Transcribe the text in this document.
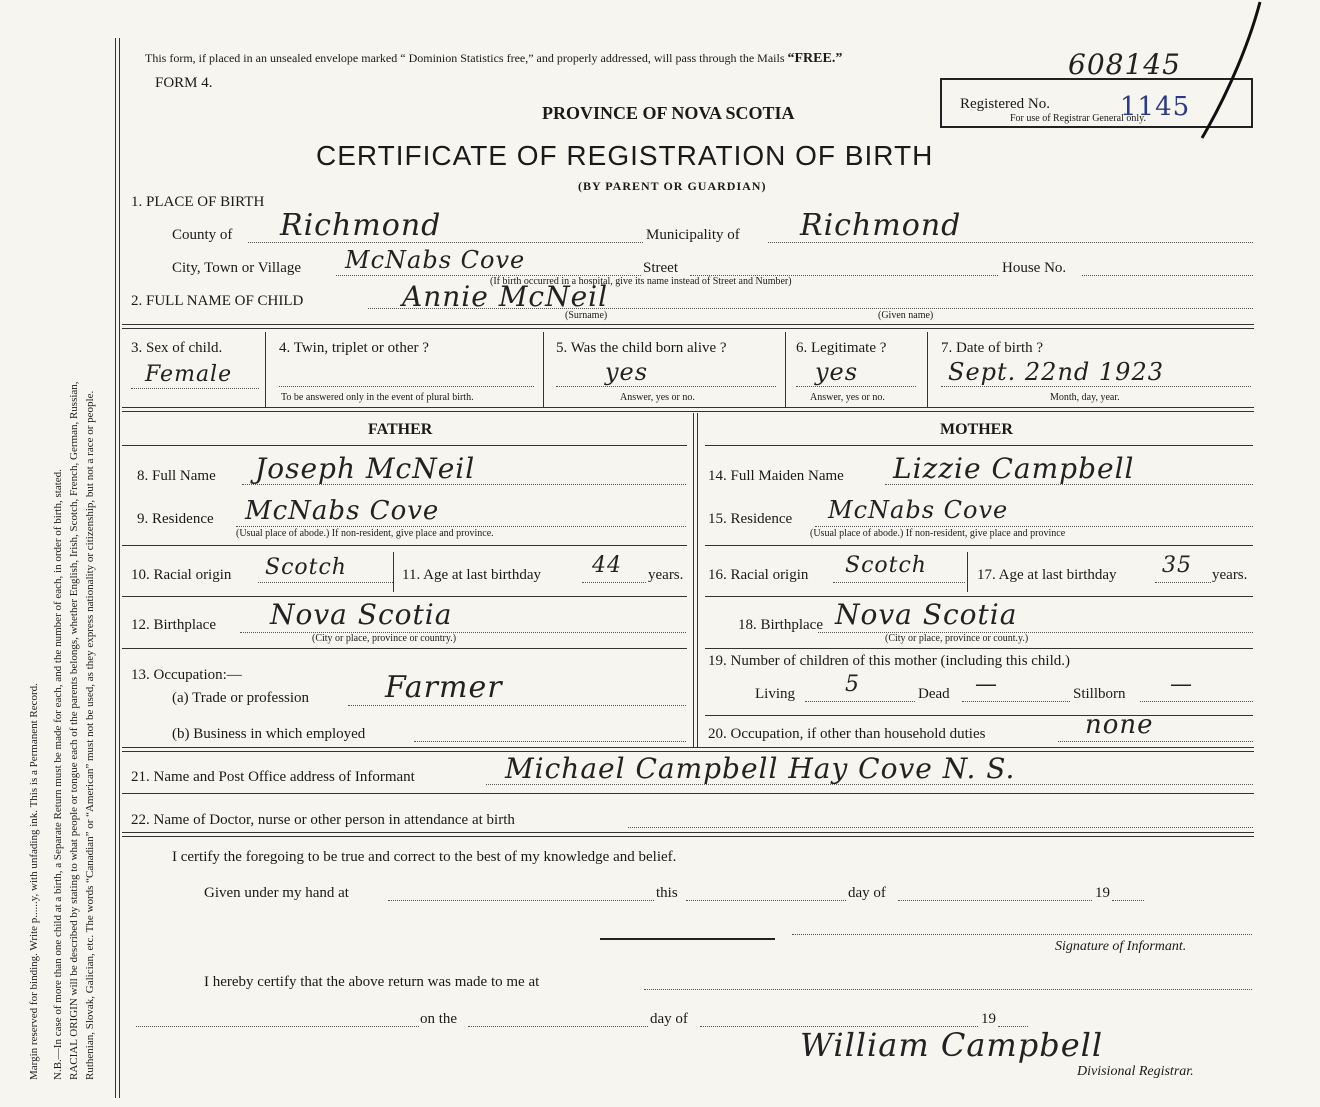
Margin reserved for binding. Write p......y, with unfading ink. This is a Permanent Record. N.B.—In case of more than one child at a birth, a Separate Return must be made for each, and the number of each, in order of birth, stated. RACIAL ORIGIN will be described by stating to what people or tongue each of the parents belongs, whether English, Irish, Scotch, French, German, Russian, Ruthenian, Slovak, Galician, etc. The words “Canadian” or “American” must not be used, as they express nationality or citizenship, but not a race or people.
This form, if placed in an unsealed envelope marked “ Dominion Statistics free,” and properly addressed, will pass through the Mails “FREE.”
FORM 4.
608145
PROVINCE OF NOVA SCOTIA	Registered No.	1145
For use of Registrar General only.
CERTIFICATE OF REGISTRATION OF BIRTH
(BY PARENT OR GUARDIAN)
1. PLACE OF BIRTH
County of Richmond	Municipality of Richmond
City, Town or Village McNabs Cove	Street	House No.
(If birth occurred in a hospital, give its name instead of Street and Number)
2. FULL NAME OF CHILD	Annie McNeil
(Surname)	(Given name)
3. Sex of child.
Female
4. Twin, triplet or other ?
To be answered only in the event of plural birth.
5. Was the child born alive ?
yes
Answer, yes or no.
6. Legitimate ?
yes
Answer, yes or no.
7. Date of birth ?
Sept. 22nd 1923
Month, day, year.
FATHER	MOTHER
8. Full Name Joseph McNeil	14. Full Maiden Name Lizzie Campbell
9. Residence McNabs Cove
(Usual place of abode.) If non-resident, give place and province.
15. Residence McNabs Cove
(Usual place of abode.) If non-resident, give place and province
10. Racial origin Scotch	11. Age at last birthday 44 years. 16. Racial origin Scotch	17. Age at last birthday 35 years.
12. Birthplace Nova Scotia
(City or place, province or country.)
18. Birthplace Nova Scotia
(City or place, province or count.y.)
13. Occupation:—
(a) Trade or profession	Farmer
(b) Business in which employed
19. Number of children of this mother (including this child.)
Living 5	Dead —	Stillborn —
20. Occupation, if other than household duties	none
21. Name and Post Office address of Informant	Michael Campbell Hay Cove N. S.
22. Name of Doctor, nurse or other person in attendance at birth
I certify the foregoing to be true and correct to the best of my knowledge and belief.
Given under my hand at	this	day of	19
Signature of Informant.
I hereby certify that the above return was made to me at
on the	day of	19
William Campbell
Divisional Registrar.
